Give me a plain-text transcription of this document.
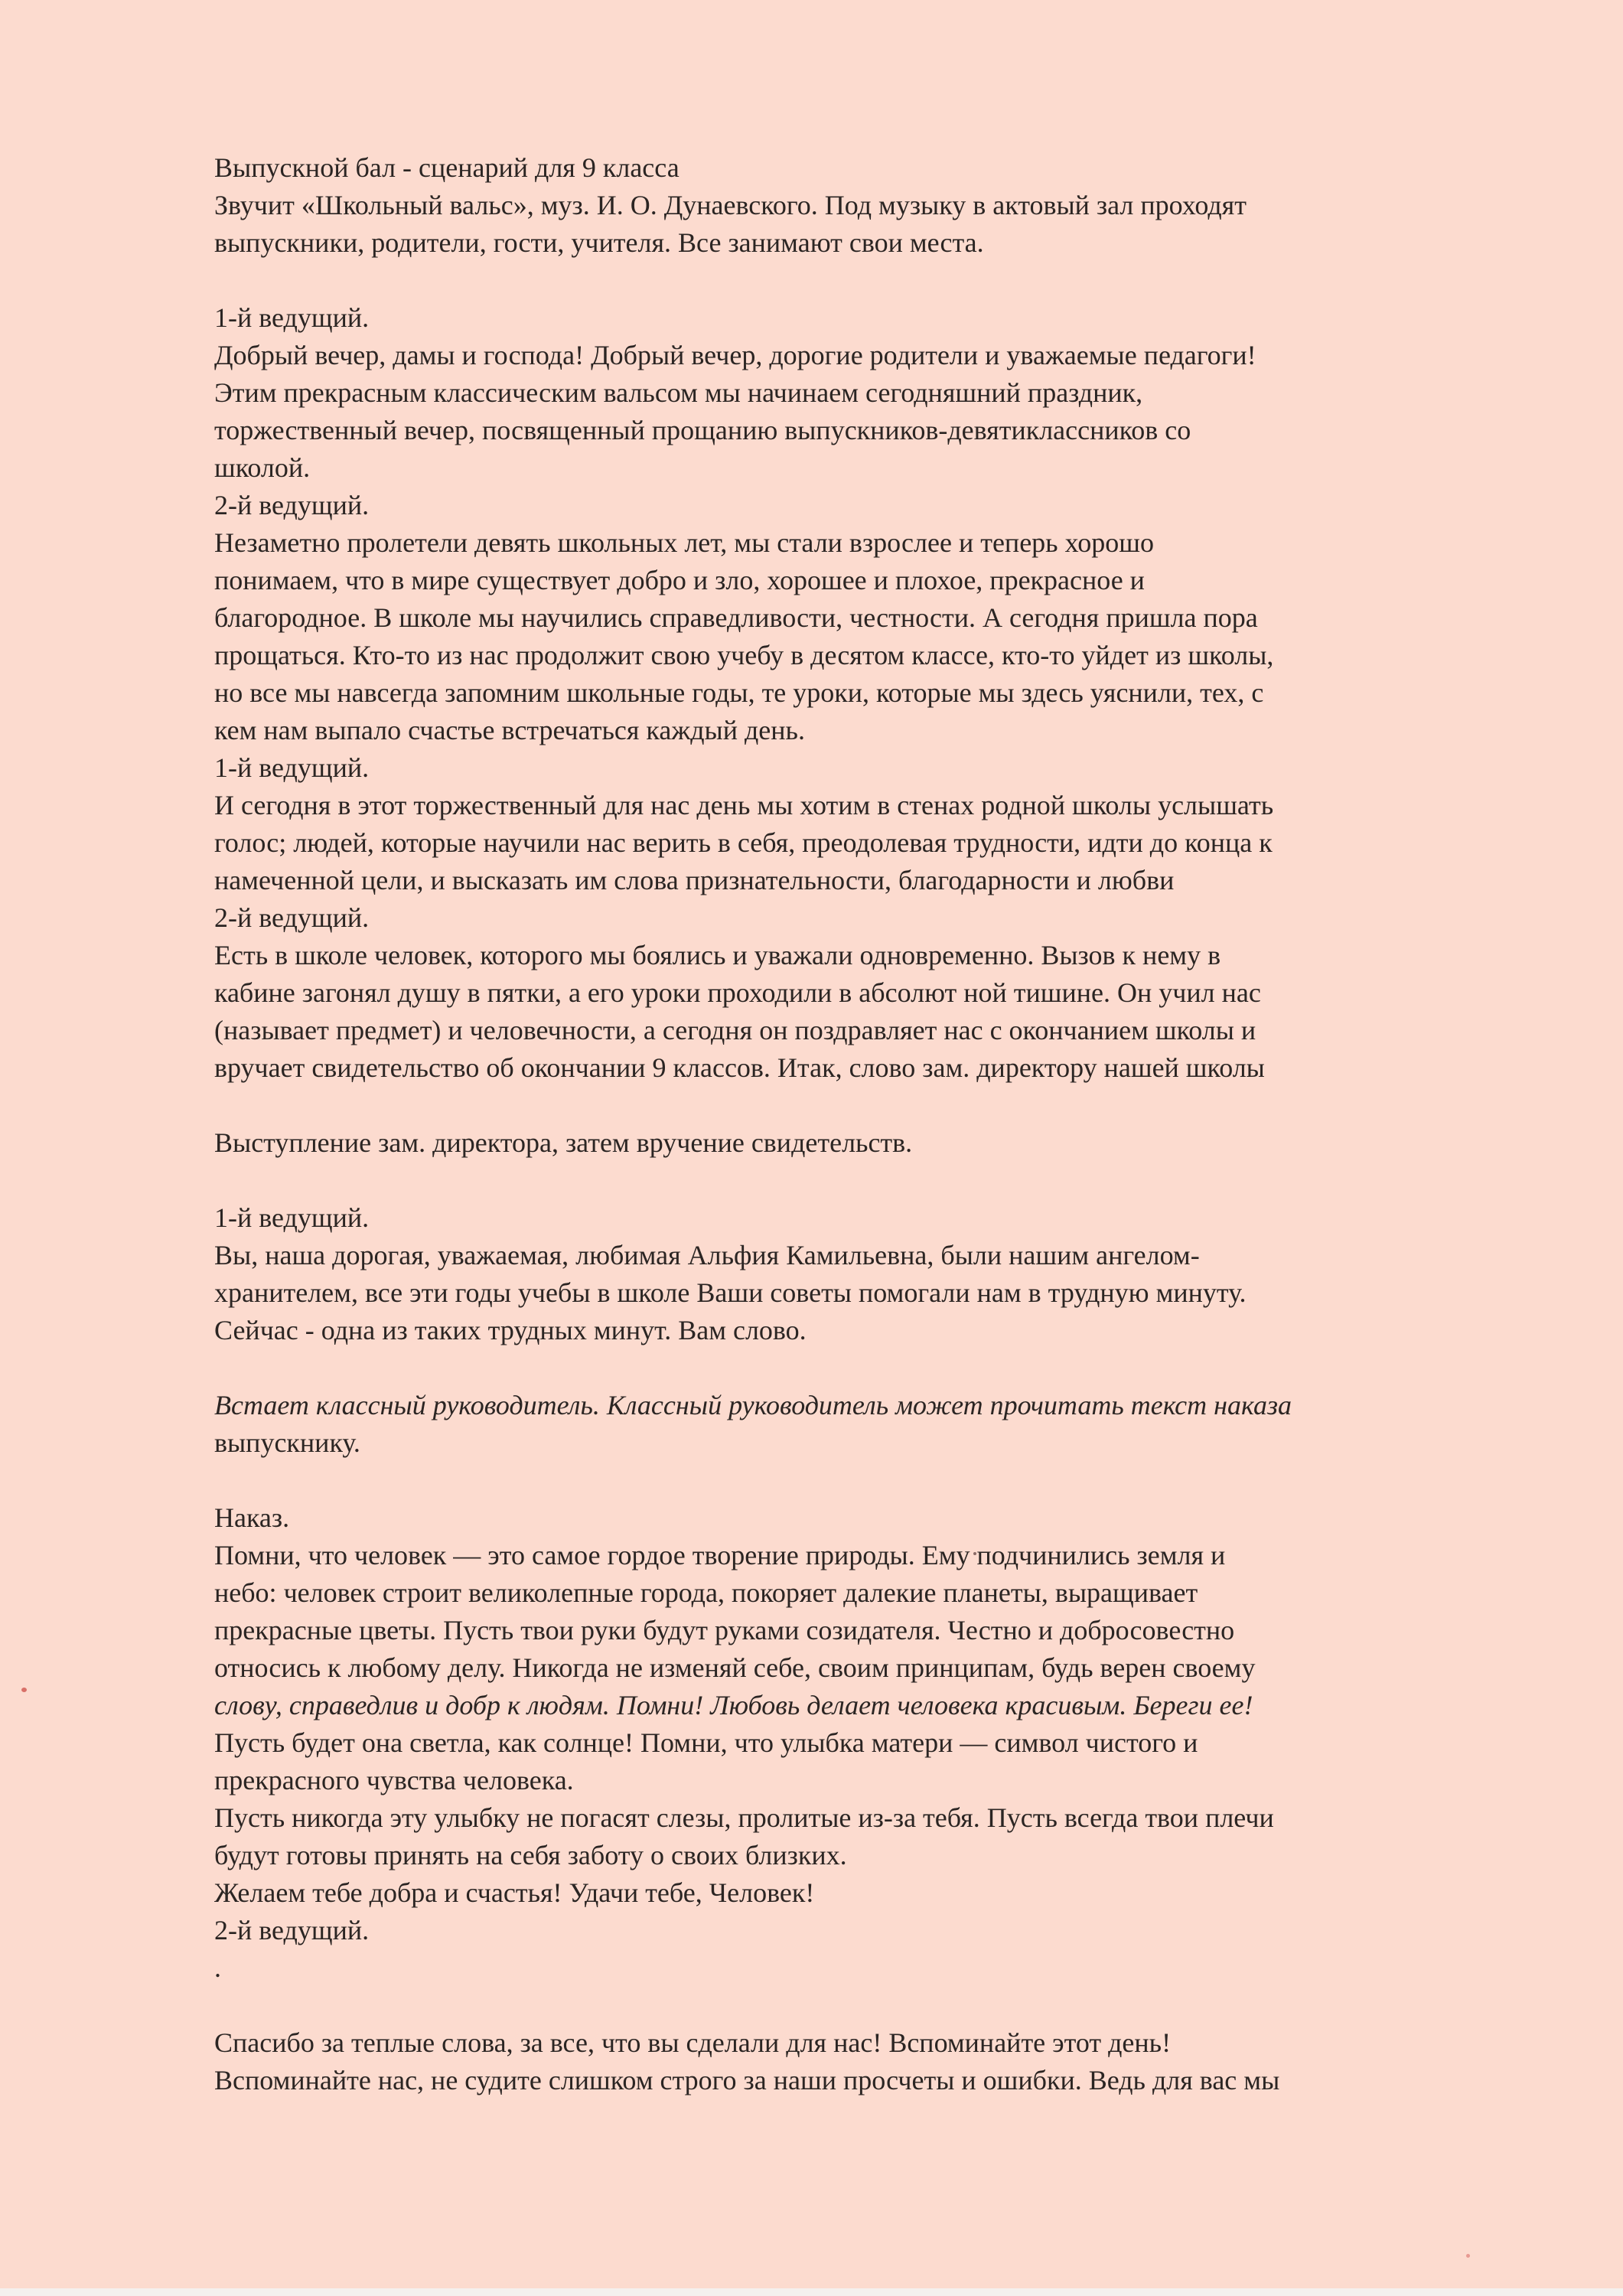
Выпускной бал - сценарий для 9 класса
Звучит «Школьный вальс», муз. И. О. Дунаевского. Под музыку в актовый зал проходят
выпускники, родители, гости, учителя. Все занимают свои места.
1-й ведущий.
Добрый вечер, дамы и господа! Добрый вечер, дорогие родители и уважаемые педагоги!
Этим прекрасным классическим вальсом мы начинаем сегодняшний праздник,
торжественный вечер, посвященный прощанию выпускников-девятиклассников со
школой.
2-й ведущий.
Незаметно пролетели девять школьных лет, мы стали взрослее и теперь хорошо
понимаем, что в мире существует добро и зло, хорошее и плохое, прекрасное и
благородное. В школе мы научились справедливости, честности. А сегодня пришла пора
прощаться. Кто-то из нас продолжит свою учебу в десятом классе, кто-то уйдет из школы,
но все мы навсегда запомним школьные годы, те уроки, которые мы здесь уяснили, тех, с
кем нам выпало счастье встречаться каждый день.
1-й ведущий.
И сегодня в этот торжественный для нас день мы хотим в стенах родной школы услышать
голос; людей, которые научили нас верить в себя, преодолевая трудности, идти до конца к
намеченной цели, и высказать им слова признательности, благодарности и любви
2-й ведущий.
Есть в школе человек, которого мы боялись и уважали одновременно. Вызов к нему в
кабине загонял душу в пятки, а его уроки проходили в абсолют ной тишине. Он учил нас
(называет предмет) и человечности, а сегодня он поздравляет нас с окончанием школы и
вручает свидетельство об окончании 9 классов. Итак, слово зам. директору нашей школы
Выступление зам. директора, затем вручение свидетельств.
1-й ведущий.
Вы, наша дорогая, уважаемая, любимая Альфия Камильевна, были нашим ангелом-
хранителем, все эти годы учебы в школе Ваши советы помогали нам в трудную минуту.
Сейчас - одна из таких трудных минут. Вам слово.
Встает классный руководитель. Классный руководитель может прочитать текст наказа
выпускнику.
Наказ.
Помни, что человек — это самое гордое творение природы. Ему подчинились земля и
небо: человек строит великолепные города, покоряет далекие планеты, выращивает
прекрасные цветы. Пусть твои руки будут руками созидателя. Честно и добросовестно
относись к любому делу. Никогда не изменяй себе, своим принципам, будь верен своему
слову, справедлив и добр к людям. Помни! Любовь делает человека красивым. Береги ее!
Пусть будет она светла, как солнце! Помни, что улыбка матери — символ чистого и
прекрасного чувства человека.
Пусть никогда эту улыбку не погасят слезы, пролитые из-за тебя. Пусть всегда твои плечи
будут готовы принять на себя заботу о своих близких.
Желаем тебе добра и счастья! Удачи тебе, Человек!
2-й ведущий.
.
Спасибо за теплые слова, за все, что вы сделали для нас! Вспоминайте этот день!
Вспоминайте нас, не судите слишком строго за наши просчеты и ошибки. Ведь для вас мы
